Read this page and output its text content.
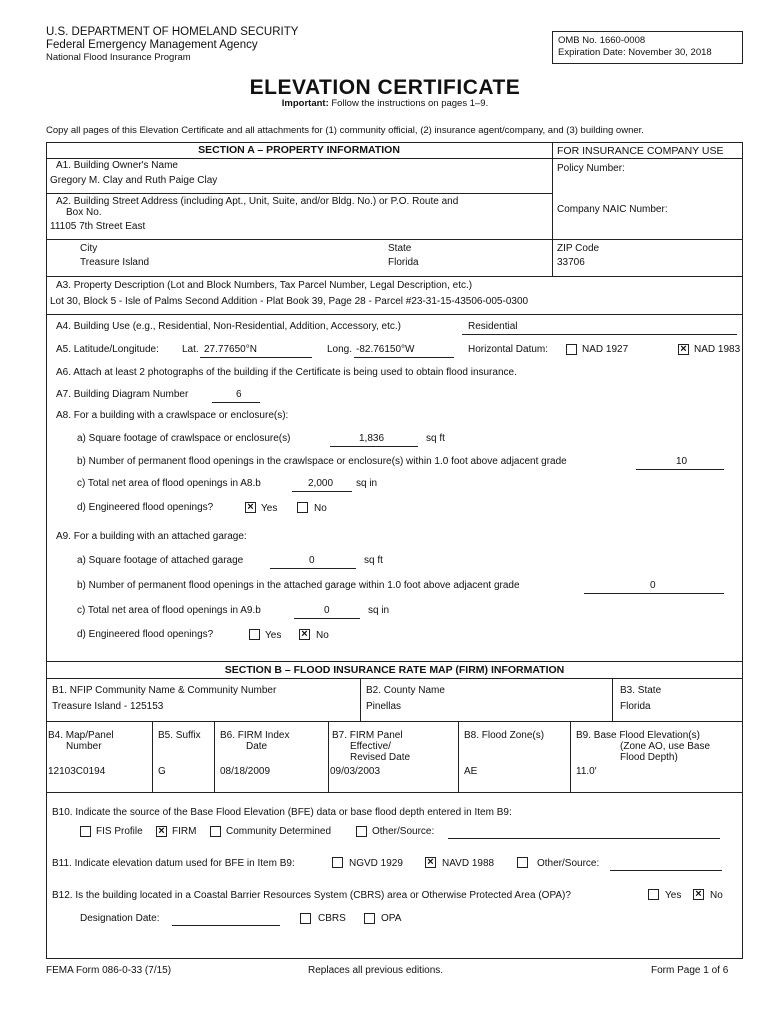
U.S. DEPARTMENT OF HOMELAND SECURITY
Federal Emergency Management Agency
National Flood Insurance Program
OMB No. 1660-0008
Expiration Date: November 30, 2018
ELEVATION CERTIFICATE
Important: Follow the instructions on pages 1–9.
Copy all pages of this Elevation Certificate and all attachments for (1) community official, (2) insurance agent/company, and (3) building owner.
SECTION A – PROPERTY INFORMATION	FOR INSURANCE COMPANY USE
A1. Building Owner's Name
Gregory M. Clay and Ruth Paige Clay
Policy Number:
A2. Building Street Address (including Apt., Unit, Suite, and/or Bldg. No.) or P.O. Route and
Box No.
11105 7th Street East
Company NAIC Number:
City
Treasure Island
State
Florida
ZIP Code
33706
A3. Property Description (Lot and Block Numbers, Tax Parcel Number, Legal Description, etc.)
Lot 30, Block 5 - Isle of Palms Second Addition - Plat Book 39, Page 28 - Parcel #23-31-15-43506-005-0300
A4. Building Use (e.g., Residential, Non-Residential, Addition, Accessory, etc.)	Residential
A5. Latitude/Longitude: Lat. 27.77650°N	Long. -82.76150°W	Horizontal Datum:	NAD 1927	× NAD 1983
A6. Attach at least 2 photographs of the building if the Certificate is being used to obtain flood insurance.
A7. Building Diagram Number	6
A8. For a building with a crawlspace or enclosure(s):
a) Square footage of crawlspace or enclosure(s)	1,836	sq ft
b) Number of permanent flood openings in the crawlspace or enclosure(s) within 1.0 foot above adjacent grade	10
c) Total net area of flood openings in A8.b	2,000 sq in
d) Engineered flood openings?	× Yes	No
A9. For a building with an attached garage:
a) Square footage of attached garage	0	sq ft
b) Number of permanent flood openings in the attached garage within 1.0 foot above adjacent grade	0
c) Total net area of flood openings in A9.b	0	sq in
d) Engineered flood openings?	Yes × No
SECTION B – FLOOD INSURANCE RATE MAP (FIRM) INFORMATION
B1. NFIP Community Name & Community Number
Treasure Island - 125153
B2. County Name
Pinellas
B3. State
Florida
B4. Map/Panel
Number
12103C0194
B5. Suffix
G
B6. FIRM Index
Date
08/18/2009
B7. FIRM Panel
Effective/
Revised Date
09/03/2003
B8. Flood Zone(s)
AE
B9. Base Flood Elevation(s)
(Zone AO, use Base
Flood Depth)
11.0'
B10. Indicate the source of the Base Flood Elevation (BFE) data or base flood depth entered in Item B9:
FIS Profile × FIRM	Community Determined	Other/Source:
B11. Indicate elevation datum used for BFE in Item B9:	NGVD 1929 × NAVD 1988	Other/Source:
B12. Is the building located in a Coastal Barrier Resources System (CBRS) area or Otherwise Protected Area (OPA)?	Yes × No
Designation Date:	CBRS	OPA
FEMA Form 086-0-33 (7/15)	Replaces all previous editions.	Form Page 1 of 6
